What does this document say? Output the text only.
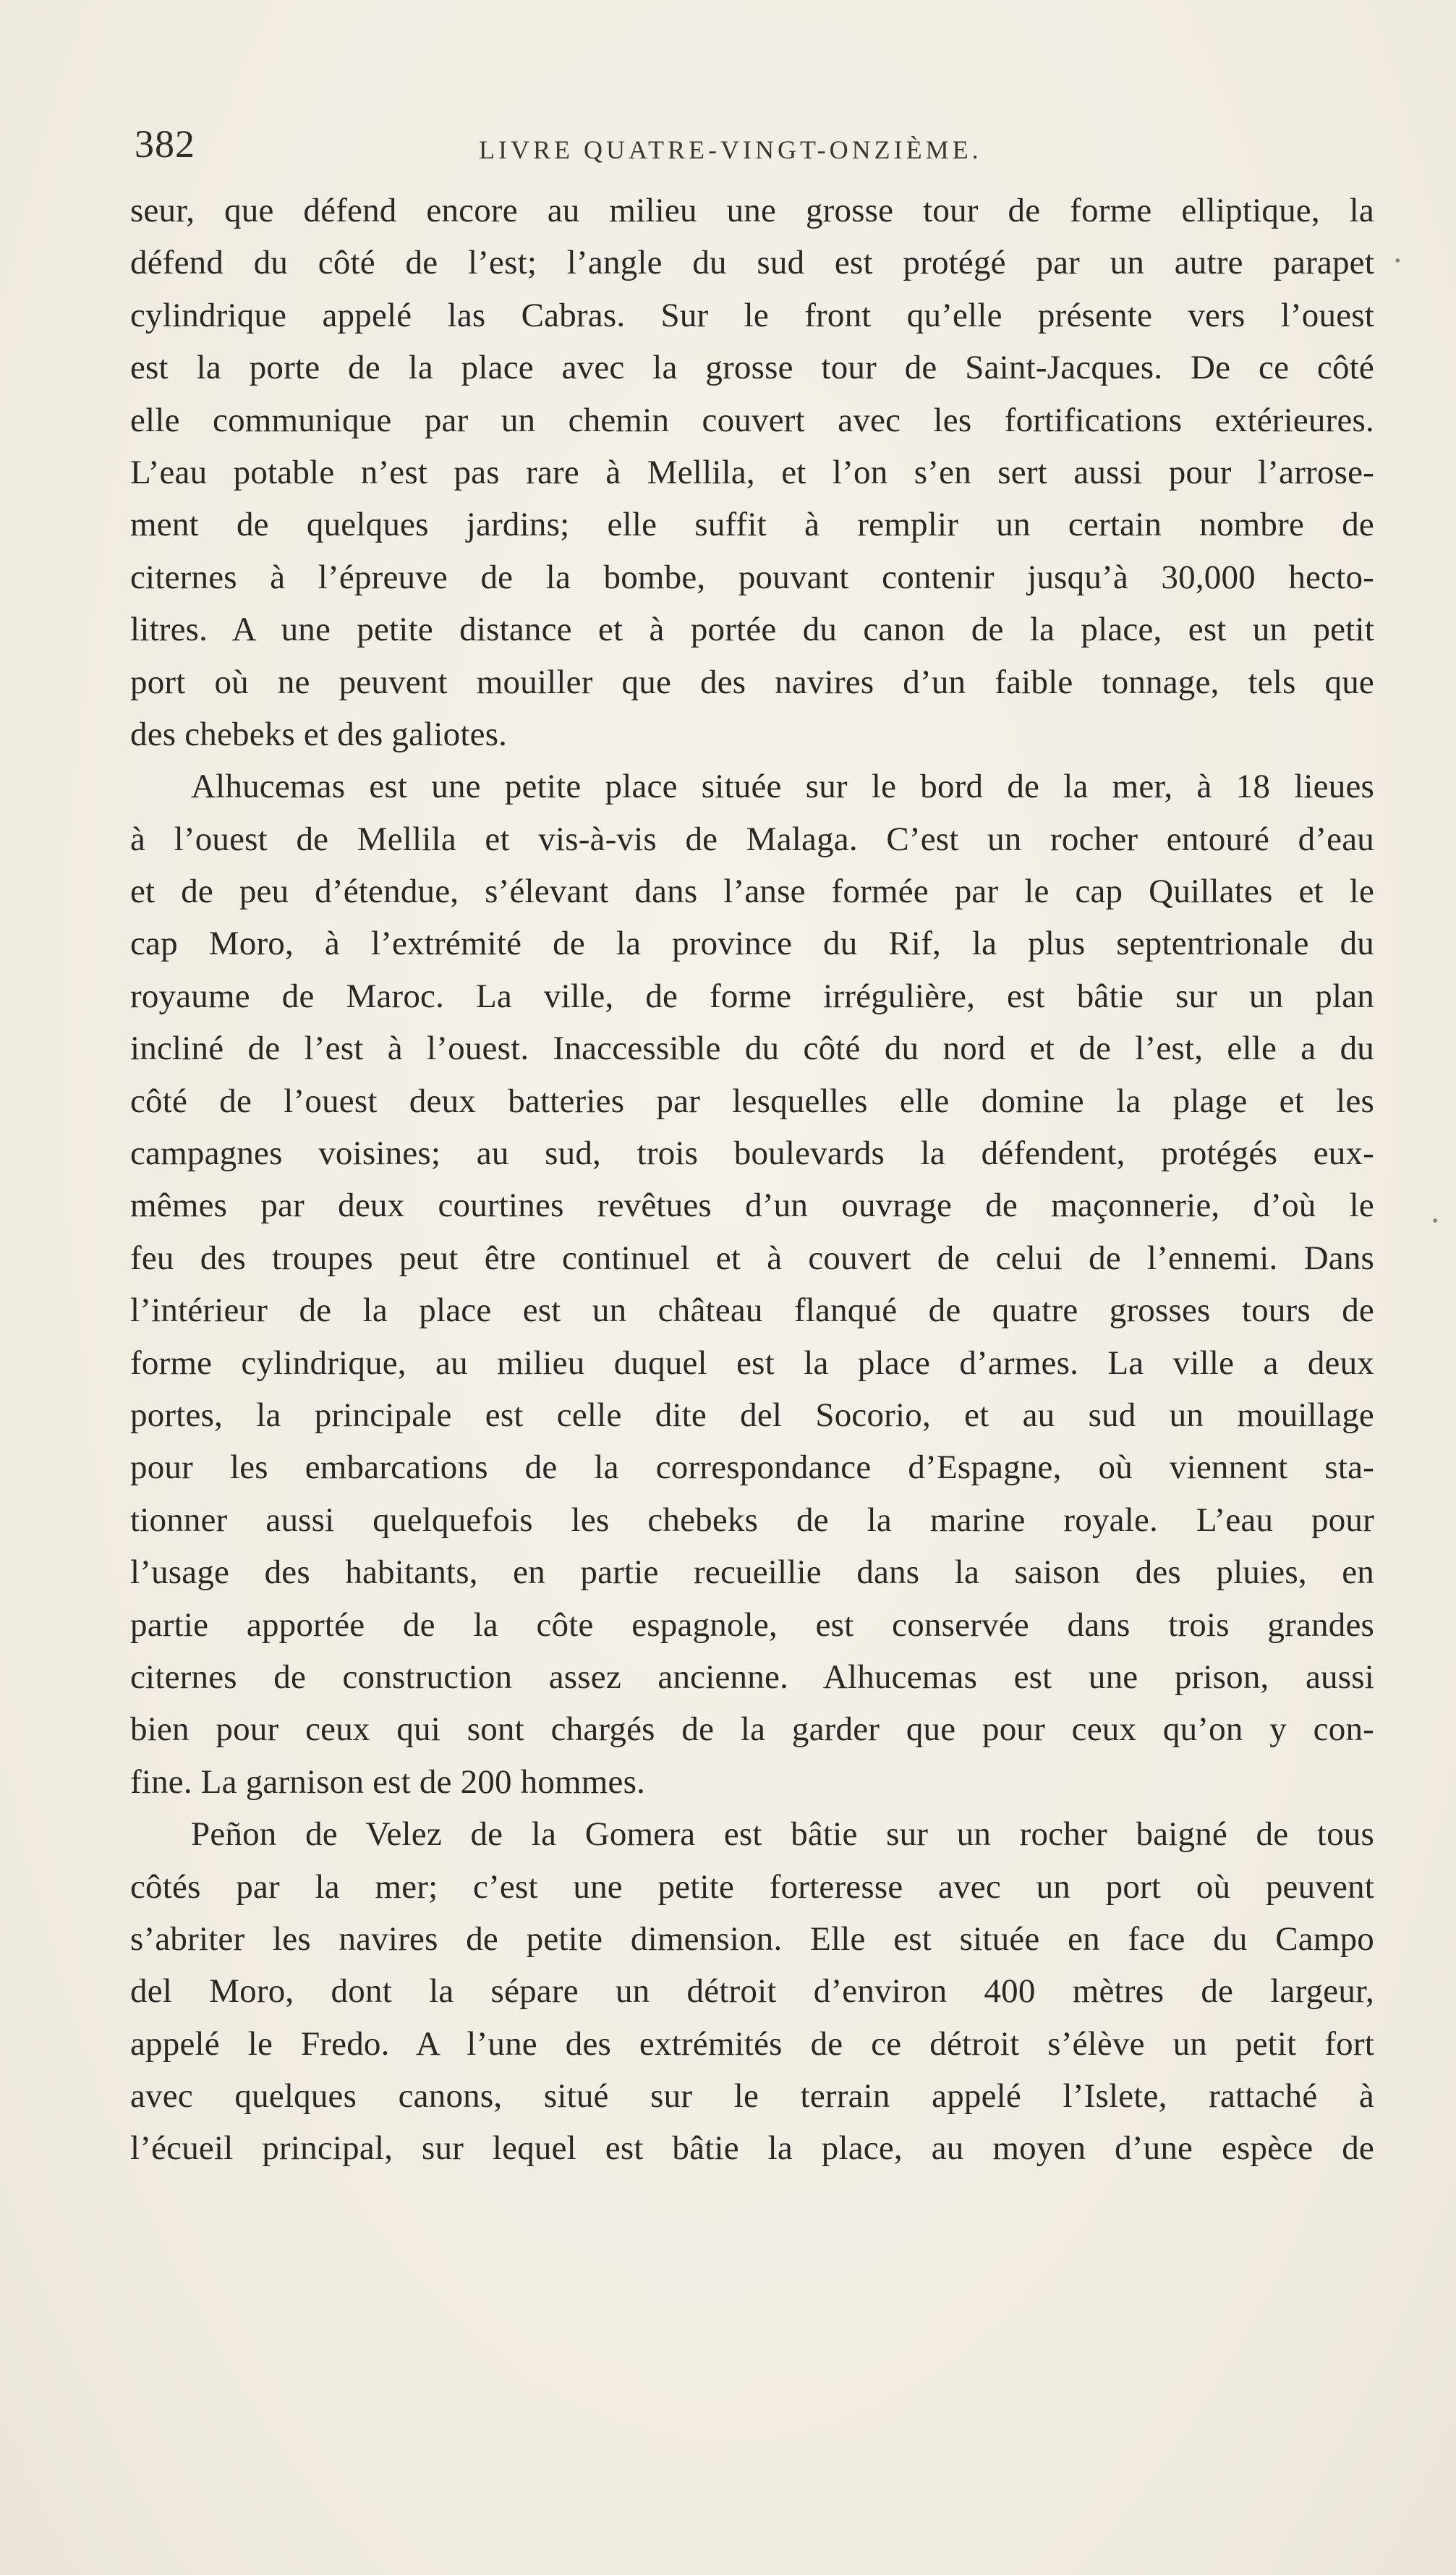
382	LIVRE QUATRE-VINGT-ONZIÈME.
•
•
seur, que défend encore au milieu une grosse tour de forme elliptique, la
défend du côté de l’est; l’angle du sud est protégé par un autre parapet
cylindrique appelé las Cabras. Sur le front qu’elle présente vers l’ouest
est la porte de la place avec la grosse tour de Saint-Jacques. De ce côté
elle communique par un chemin couvert avec les fortifications extérieures.
L’eau potable n’est pas rare à Mellila, et l’on s’en sert aussi pour l’arrose-
ment de quelques jardins; elle suffit à remplir un certain nombre de
citernes à l’épreuve de la bombe, pouvant contenir jusqu’à 30,000 hecto-
litres. A une petite distance et à portée du canon de la place, est un petit
port où ne peuvent mouiller que des navires d’un faible tonnage, tels que
des chebeks et des galiotes.
Alhucemas est une petite place située sur le bord de la mer, à 18 lieues
à l’ouest de Mellila et vis-à-vis de Malaga. C’est un rocher entouré d’eau
et de peu d’étendue, s’élevant dans l’anse formée par le cap Quillates et le
cap Moro, à l’extrémité de la province du Rif, la plus septentrionale du
royaume de Maroc. La ville, de forme irrégulière, est bâtie sur un plan
incliné de l’est à l’ouest. Inaccessible du côté du nord et de l’est, elle a du
côté de l’ouest deux batteries par lesquelles elle domine la plage et les
campagnes voisines; au sud, trois boulevards la défendent, protégés eux-
mêmes par deux courtines revêtues d’un ouvrage de maçonnerie, d’où le
feu des troupes peut être continuel et à couvert de celui de l’ennemi. Dans
l’intérieur de la place est un château flanqué de quatre grosses tours de
forme cylindrique, au milieu duquel est la place d’armes. La ville a deux
portes, la principale est celle dite del Socorio, et au sud un mouillage
pour les embarcations de la correspondance d’Espagne, où viennent sta-
tionner aussi quelquefois les chebeks de la marine royale. L’eau pour
l’usage des habitants, en partie recueillie dans la saison des pluies, en
partie apportée de la côte espagnole, est conservée dans trois grandes
citernes de construction assez ancienne. Alhucemas est une prison, aussi
bien pour ceux qui sont chargés de la garder que pour ceux qu’on y con-
fine. La garnison est de 200 hommes.
Peñon de Velez de la Gomera est bâtie sur un rocher baigné de tous
côtés par la mer; c’est une petite forteresse avec un port où peuvent
s’abriter les navires de petite dimension. Elle est située en face du Campo
del Moro, dont la sépare un détroit d’environ 400 mètres de largeur,
appelé le Fredo. A l’une des extrémités de ce détroit s’élève un petit fort
avec quelques canons, situé sur le terrain appelé l’Islete, rattaché à
l’écueil principal, sur lequel est bâtie la place, au moyen d’une espèce de
